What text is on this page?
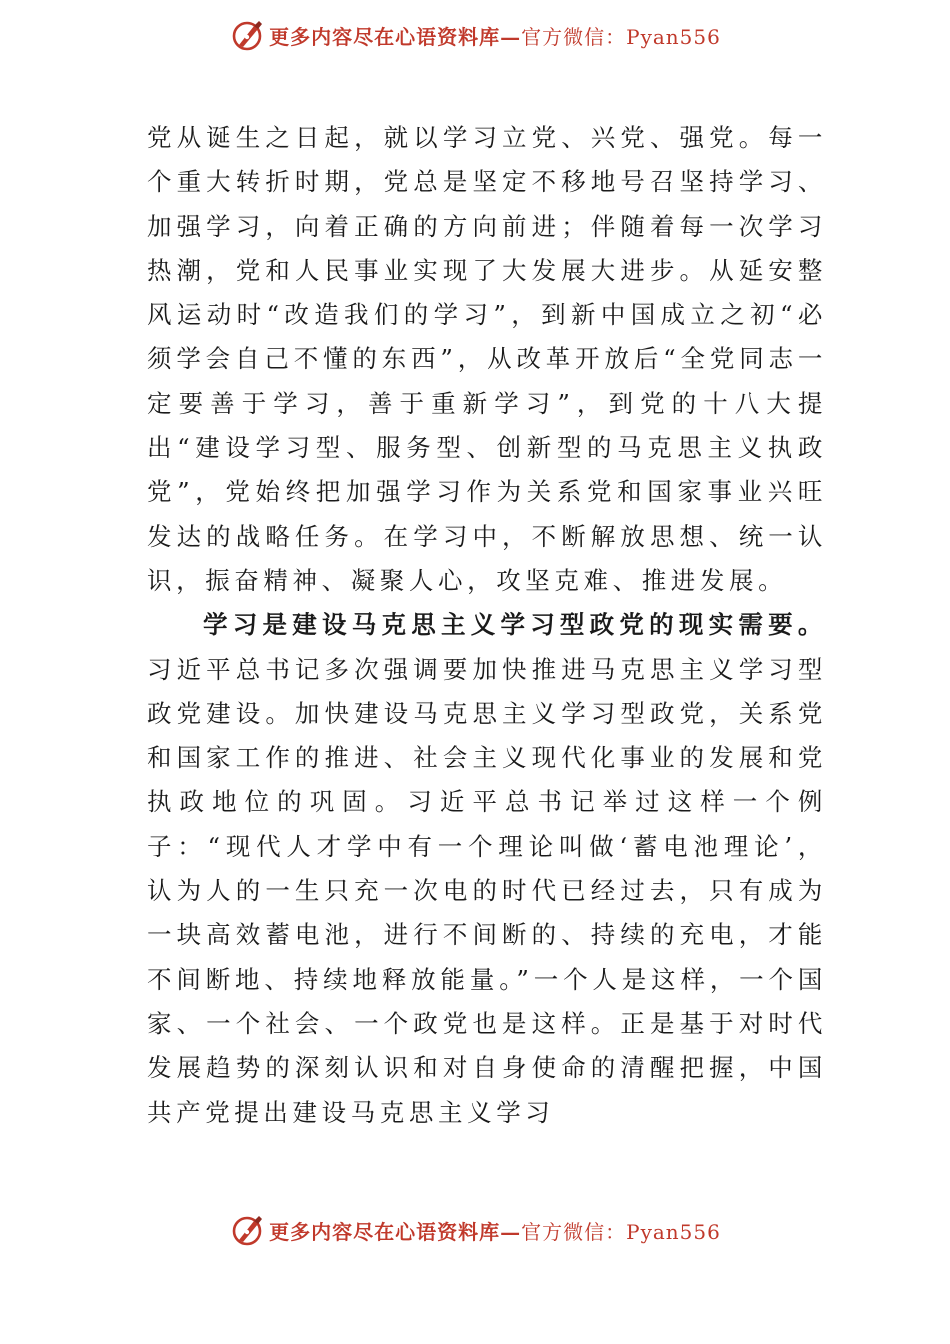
更多内容尽在心语资料库—官方微信：Pyan556

党从诞生之日起，就以学习立党、兴党、强党。每一个重大转折时期，党总是坚定不移地号召坚持学习、加强学习，向着正确的方向前进；伴随着每一次学习热潮，党和人民事业实现了大发展大进步。从延安整风运动时“改造我们的学习”，到新中国成立之初“必须学会自己不懂的东西”，从改革开放后“全党同志一定要善于学习，善于重新学习”，到党的十八大提出“建设学习型、服务型、创新型的马克思主义执政党”，党始终把加强学习作为关系党和国家事业兴旺发达的战略任务。在学习中，不断解放思想、统一认识，振奋精神、凝聚人心，攻坚克难、推进发展。

学习是建设马克思主义学习型政党的现实需要。习近平总书记多次强调要加快推进马克思主义学习型政党建设。加快建设马克思主义学习型政党，关系党和国家工作的推进、社会主义现代化事业的发展和党执政地位的巩固。习近平总书记举过这样一个例子：“现代人才学中有一个理论叫做‘蓄电池理论’，认为人的一生只充一次电的时代已经过去，只有成为一块高效蓄电池，进行不间断的、持续的充电，才能不间断地、持续地释放能量。”一个人是这样，一个国家、一个社会、一个政党也是这样。正是基于对时代发展趋势的深刻认识和对自身使命的清醒把握，中国共产党提出建设马克思主义学习

更多内容尽在心语资料库—官方微信：Pyan556
